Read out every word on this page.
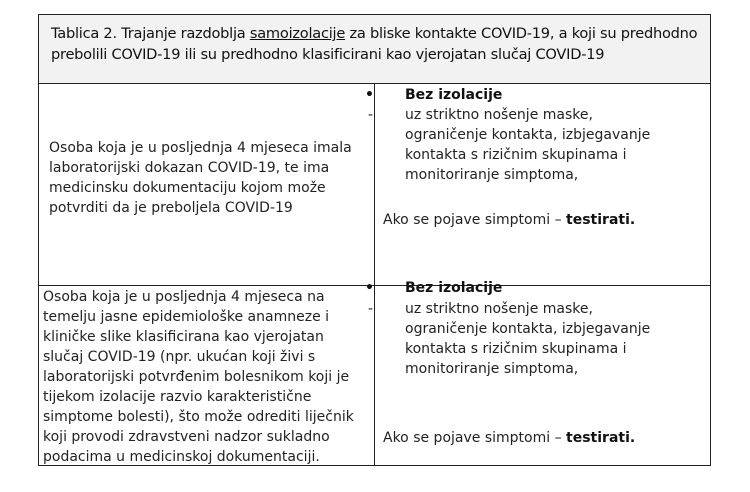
Tablica 2. Trajanje razdoblja samoizolacije za bliske kontakte COVID-19, a koji su predhodno
prebolili COVID-19 ili su predhodno klasificirani kao vjerojatan slučaj COVID-19
Osoba koja je u posljednja 4 mjeseca imala
laboratorijski dokazan COVID-19, te ima
medicinsku dokumentaciju kojom može
potvrditi da je preboljela COVID-19
• Bez izolacije
- uz striktno nošenje maske,
ograničenje kontakta, izbjegavanje
kontakta s rizičnim skupinama i
monitoriranje simptoma,
Ako se pojave simptomi – testirati.
Osoba koja je u posljednja 4 mjeseca na
temelju jasne epidemiološke anamneze i
kliničke slike klasificirana kao vjerojatan
slučaj COVID-19 (npr. ukućan koji živi s
laboratorijski potvrđenim bolesnikom koji je
tijekom izolacije razvio karakteristične
simptome bolesti), što može odrediti liječnik
koji provodi zdravstveni nadzor sukladno
podacima u medicinskoj dokumentaciji.
• Bez izolacije
- uz striktno nošenje maske,
ograničenje kontakta, izbjegavanje
kontakta s rizičnim skupinama i
monitoriranje simptoma,
Ako se pojave simptomi – testirati.
